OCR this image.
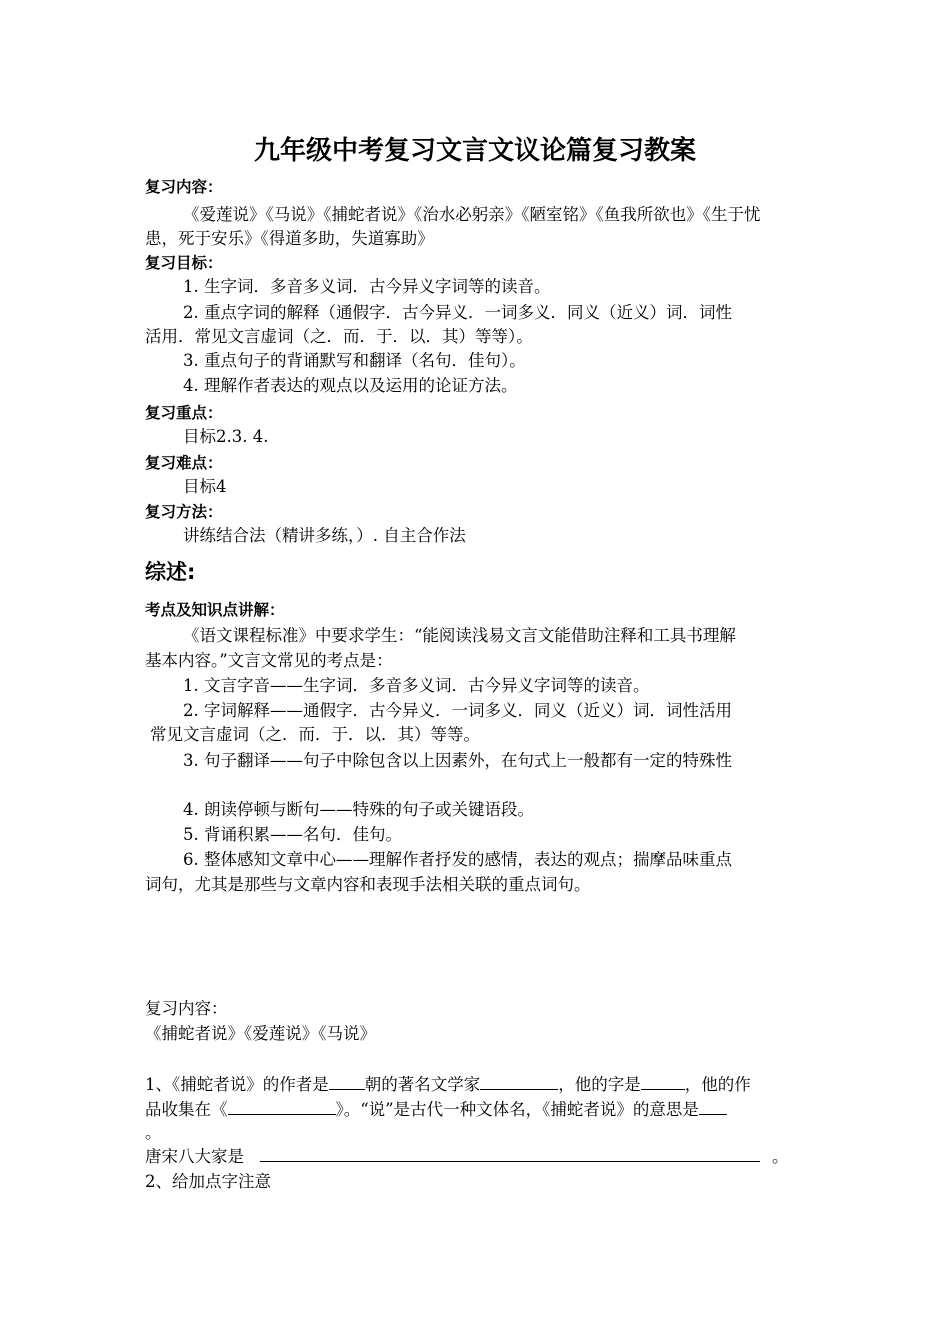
九年级中考复习文言文议论篇复习教案
复习内容：
《爱莲说》《马说》《捕蛇者说》《治水必躬亲》《陋室铭》《鱼我所欲也》《生于忧
患，死于安乐》《得道多助，失道寡助》
复习目标：
1. 生字词．多音多义词．古今异义字词等的读音。
2. 重点字词的解释（通假字．古今异义．一词多义．同义（近义）词．词性
活用．常见文言虚词（之．而．于．以．其）等等）。
3. 重点句子的背诵默写和翻译（名句．佳句）。
4. 理解作者表达的观点以及运用的论证方法。
复习重点：
目标2.3. 4.
复习难点：
目标4
复习方法：
讲练结合法（精讲多练，）. 自主合作法
综述:
考点及知识点讲解：
《语文课程标准》中要求学生：“能阅读浅易文言文能借助注释和工具书理解
基本内容。”文言文常见的考点是：
1. 文言字音——生字词．多音多义词．古今异义字词等的读音。
2. 字词解释——通假字．古今异义．一词多义．同义（近义）词．词性活用
常见文言虚词（之．而．于．以．其）等等。
3. 句子翻译——句子中除包含以上因素外，在句式上一般都有一定的特殊性
4. 朗读停顿与断句——特殊的句子或关键语段。
5. 背诵积累——名句．佳句。
6. 整体感知文章中心——理解作者抒发的感情，表达的观点；揣摩品味重点
词句，尤其是那些与文章内容和表现手法相关联的重点词句。
复习内容：
《捕蛇者说》《爱莲说》《马说》
1、《捕蛇者说》的作者是 朝的著名文学家	，他的字是	，他的作
品收集在《	》。“说”是古代一种文体名，《捕蛇者说》的意思是
。
唐宋八大家是	。
2、给加点字注意
